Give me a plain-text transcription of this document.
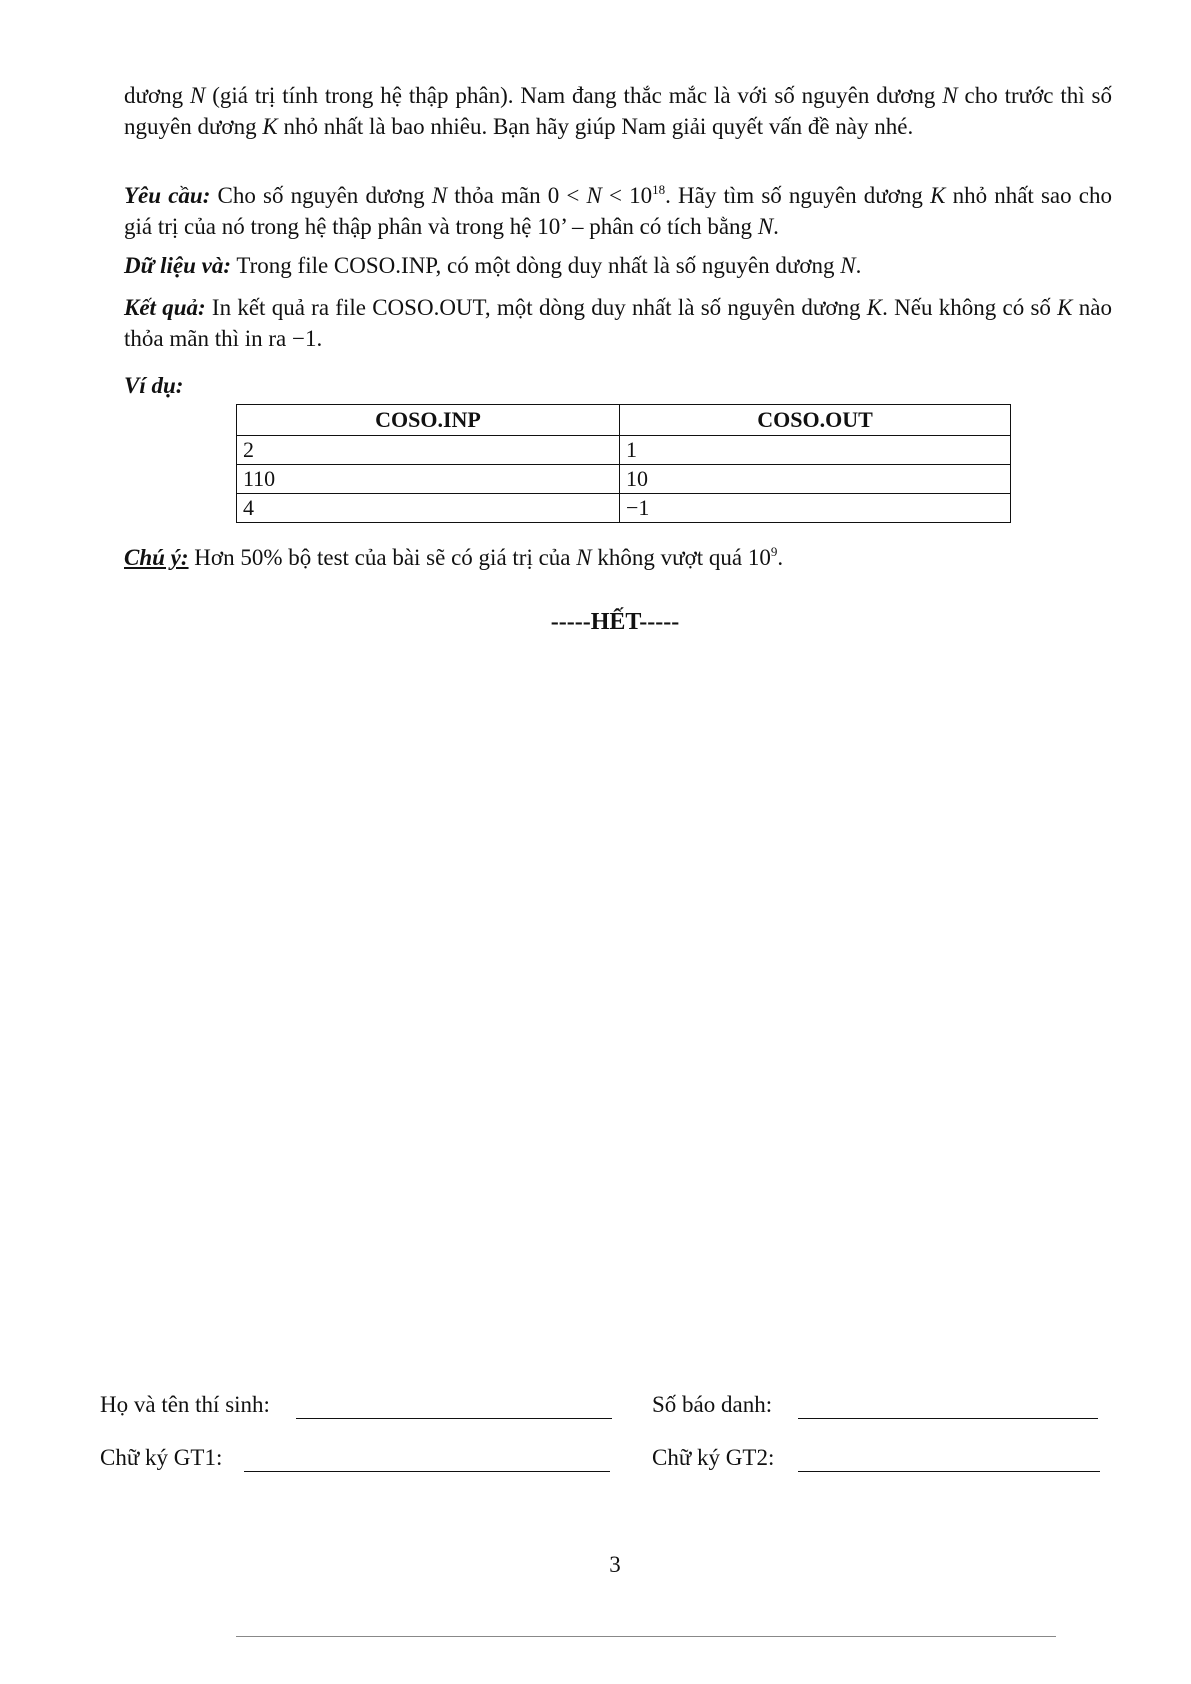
dương N (giá trị tính trong hệ thập phân). Nam đang thắc mắc là với số nguyên dương N cho trước thì số nguyên dương K nhỏ nhất là bao nhiêu. Bạn hãy giúp Nam giải quyết vấn đề này nhé.

Yêu cầu: Cho số nguyên dương N thỏa mãn $0 < N < 10^{18}$. Hãy tìm số nguyên dương K nhỏ nhất sao cho giá trị của nó trong hệ thập phân và trong hệ 10’ – phân có tích bằng N.

Dữ liệu và: Trong file COSO.INP, có một dòng duy nhất là số nguyên dương N.

Kết quả: In kết quả ra file COSO.OUT, một dòng duy nhất là số nguyên dương K. Nếu không có số K nào thỏa mãn thì in ra −1.

Ví dụ:

COSO.INP	COSO.OUT
2	1
110	10
4	−1
Chú ý: Hơn 50% bộ test của bài sẽ có giá trị của N không vượt quá $10^9$.
-----HẾT-----
Họ và tên thí sinh:	Số báo danh:
Chữ ký GT1:	Chữ ký GT2:
3
